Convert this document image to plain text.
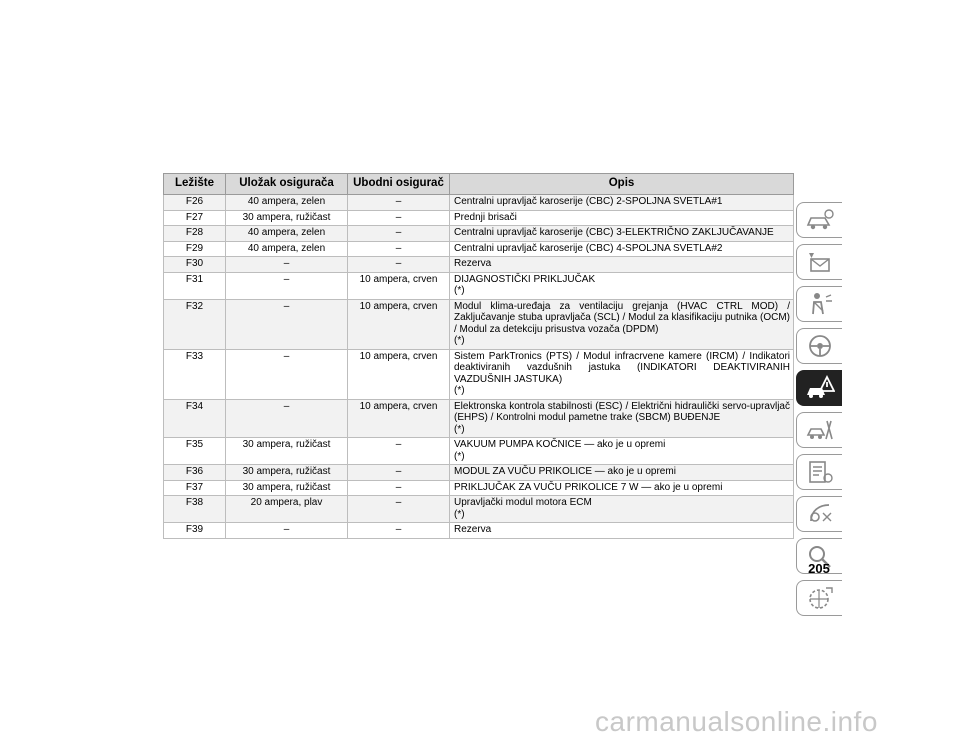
Ležište	Uložak osigurača	Ubodni osigurač	Opis
F26	40 ampera, zelen	–	Centralni upravljač karoserije (CBC) 2-SPOLJNA SVETLA#1
F27	30 ampera, ružičast	–	Prednji brisači
F28	40 ampera, zelen	–	Centralni upravljač karoserije (CBC) 3-ELEKTRIČNO ZAKLJUČAVANJE
F29	40 ampera, zelen	–	Centralni upravljač karoserije (CBC) 4-SPOLJNA SVETLA#2
F30	–	–	Rezerva
F31	–	10 ampera, crven	DIJAGNOSTIČKI PRIKLJUČAK
(*)

F32	–	10 ampera, crven	Modul klima-uređaja za ventilaciju grejanja (HVAC CTRL MOD) / Zaključavanje stuba upravljača (SCL) / Modul za klasifikaciju putnika (OCM) / Modul za detekciju prisustva vozača (DPDM)
(*)

F33	–	10 ampera, crven	Sistem ParkTronics (PTS) / Modul infracrvene kamere (IRCM) / Indikatori deaktiviranih vazdušnih jastuka (INDIKATORI DEAKTIVIRANIH VAZDUŠNIH JASTUKA)
(*)

F34	–	10 ampera, crven	Elektronska kontrola stabilnosti (ESC) / Električni hidraulički servo-upravljač (EHPS) / Kontrolni modul pametne trake (SBCM) BUĐENJE
(*)

F35	30 ampera, ružičast	–	VAKUUM PUMPA KOČNICE — ako je u opremi
(*)

F36	30 ampera, ružičast	–	MODUL ZA VUČU PRIKOLICE — ako je u opremi
F37	30 ampera, ružičast	–	PRIKLJUČAK ZA VUČU PRIKOLICE 7 W — ako je u opremi
F38	20 ampera, plav	–	Upravljački modul motora ECM
(*)

F39	–	–	Rezerva
205
carmanualsonline.info
